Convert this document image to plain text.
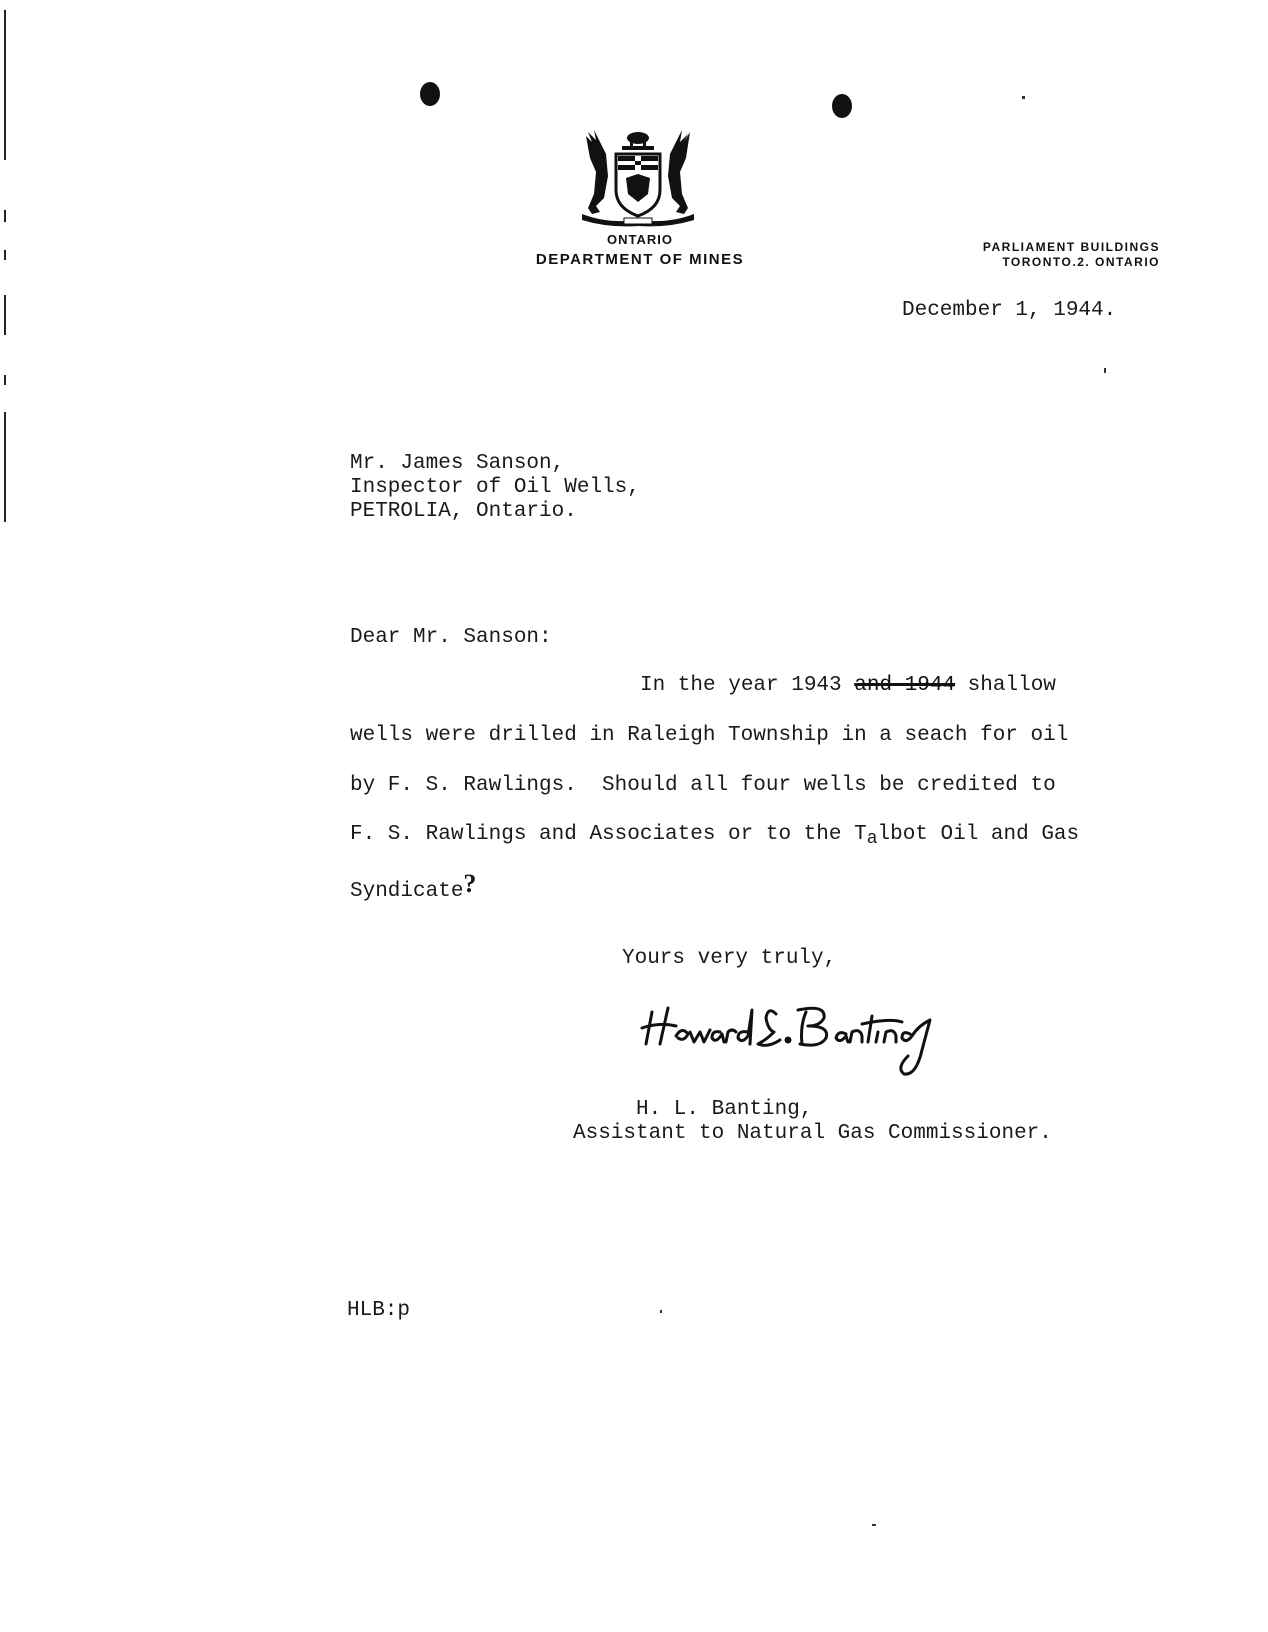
ONTARIO
DEPARTMENT OF MINES
PARLIAMENT BUILDINGS
TORONTO.2. ONTARIO
December 1, 1944.
Mr. James Sanson,
Inspector of Oil Wells,
PETROLIA, Ontario.
Dear Mr. Sanson:
In the year 1943 and 1944 shallow
wells were drilled in Raleigh Township in a seach for oil
by F. S. Rawlings.  Should all four wells be credited to
F. S. Rawlings and Associates or to the Talbot Oil and Gas
Syndicate?
Yours very truly,
H. L. Banting,
Assistant to Natural Gas Commissioner.
HLB:p
